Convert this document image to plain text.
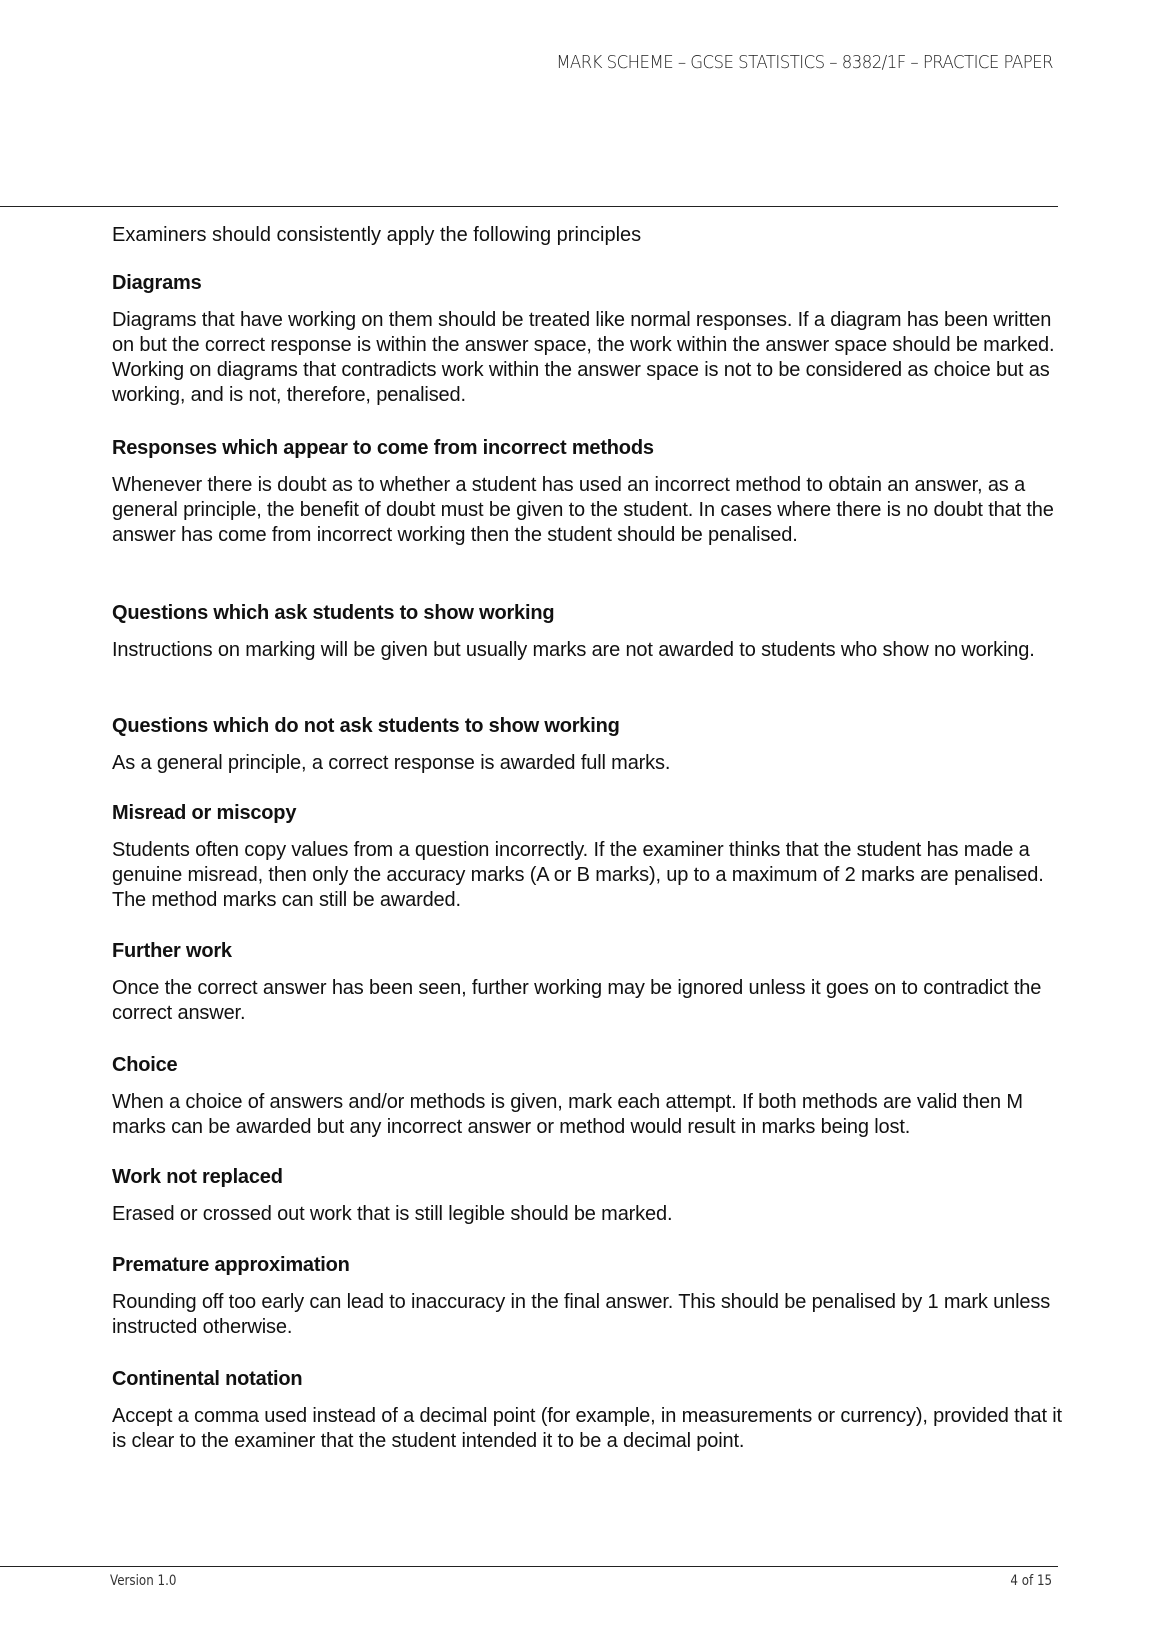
MARK SCHEME – GCSE STATISTICS – 8382/1F – PRACTICE PAPER
Examiners should consistently apply the following principles
Diagrams

Diagrams that have working on them should be treated like normal responses. If a diagram has been written on but the correct response is within the answer space, the work within the answer space should be marked. Working on diagrams that contradicts work within the answer space is not to be considered as choice but as working, and is not, therefore, penalised.

Responses which appear to come from incorrect methods

Whenever there is doubt as to whether a student has used an incorrect method to obtain an answer, as a general principle, the benefit of doubt must be given to the student. In cases where there is no doubt that the answer has come from incorrect working then the student should be penalised.

Questions which ask students to show working

Instructions on marking will be given but usually marks are not awarded to students who show no working.

Questions which do not ask students to show working

As a general principle, a correct response is awarded full marks.

Misread or miscopy

Students often copy values from a question incorrectly. If the examiner thinks that the student has made a genuine misread, then only the accuracy marks (A or B marks), up to a maximum of 2 marks are penalised. The method marks can still be awarded.

Further work

Once the correct answer has been seen, further working may be ignored unless it goes on to contradict the correct answer.

Choice

When a choice of answers and/or methods is given, mark each attempt. If both methods are valid then M marks can be awarded but any incorrect answer or method would result in marks being lost.

Work not replaced

Erased or crossed out work that is still legible should be marked.

Premature approximation

Rounding off too early can lead to inaccuracy in the final answer. This should be penalised by 1 mark unless instructed otherwise.

Continental notation

Accept a comma used instead of a decimal point (for example, in measurements or currency), provided that it is clear to the examiner that the student intended it to be a decimal point.

Version 1.0	4 of 15
